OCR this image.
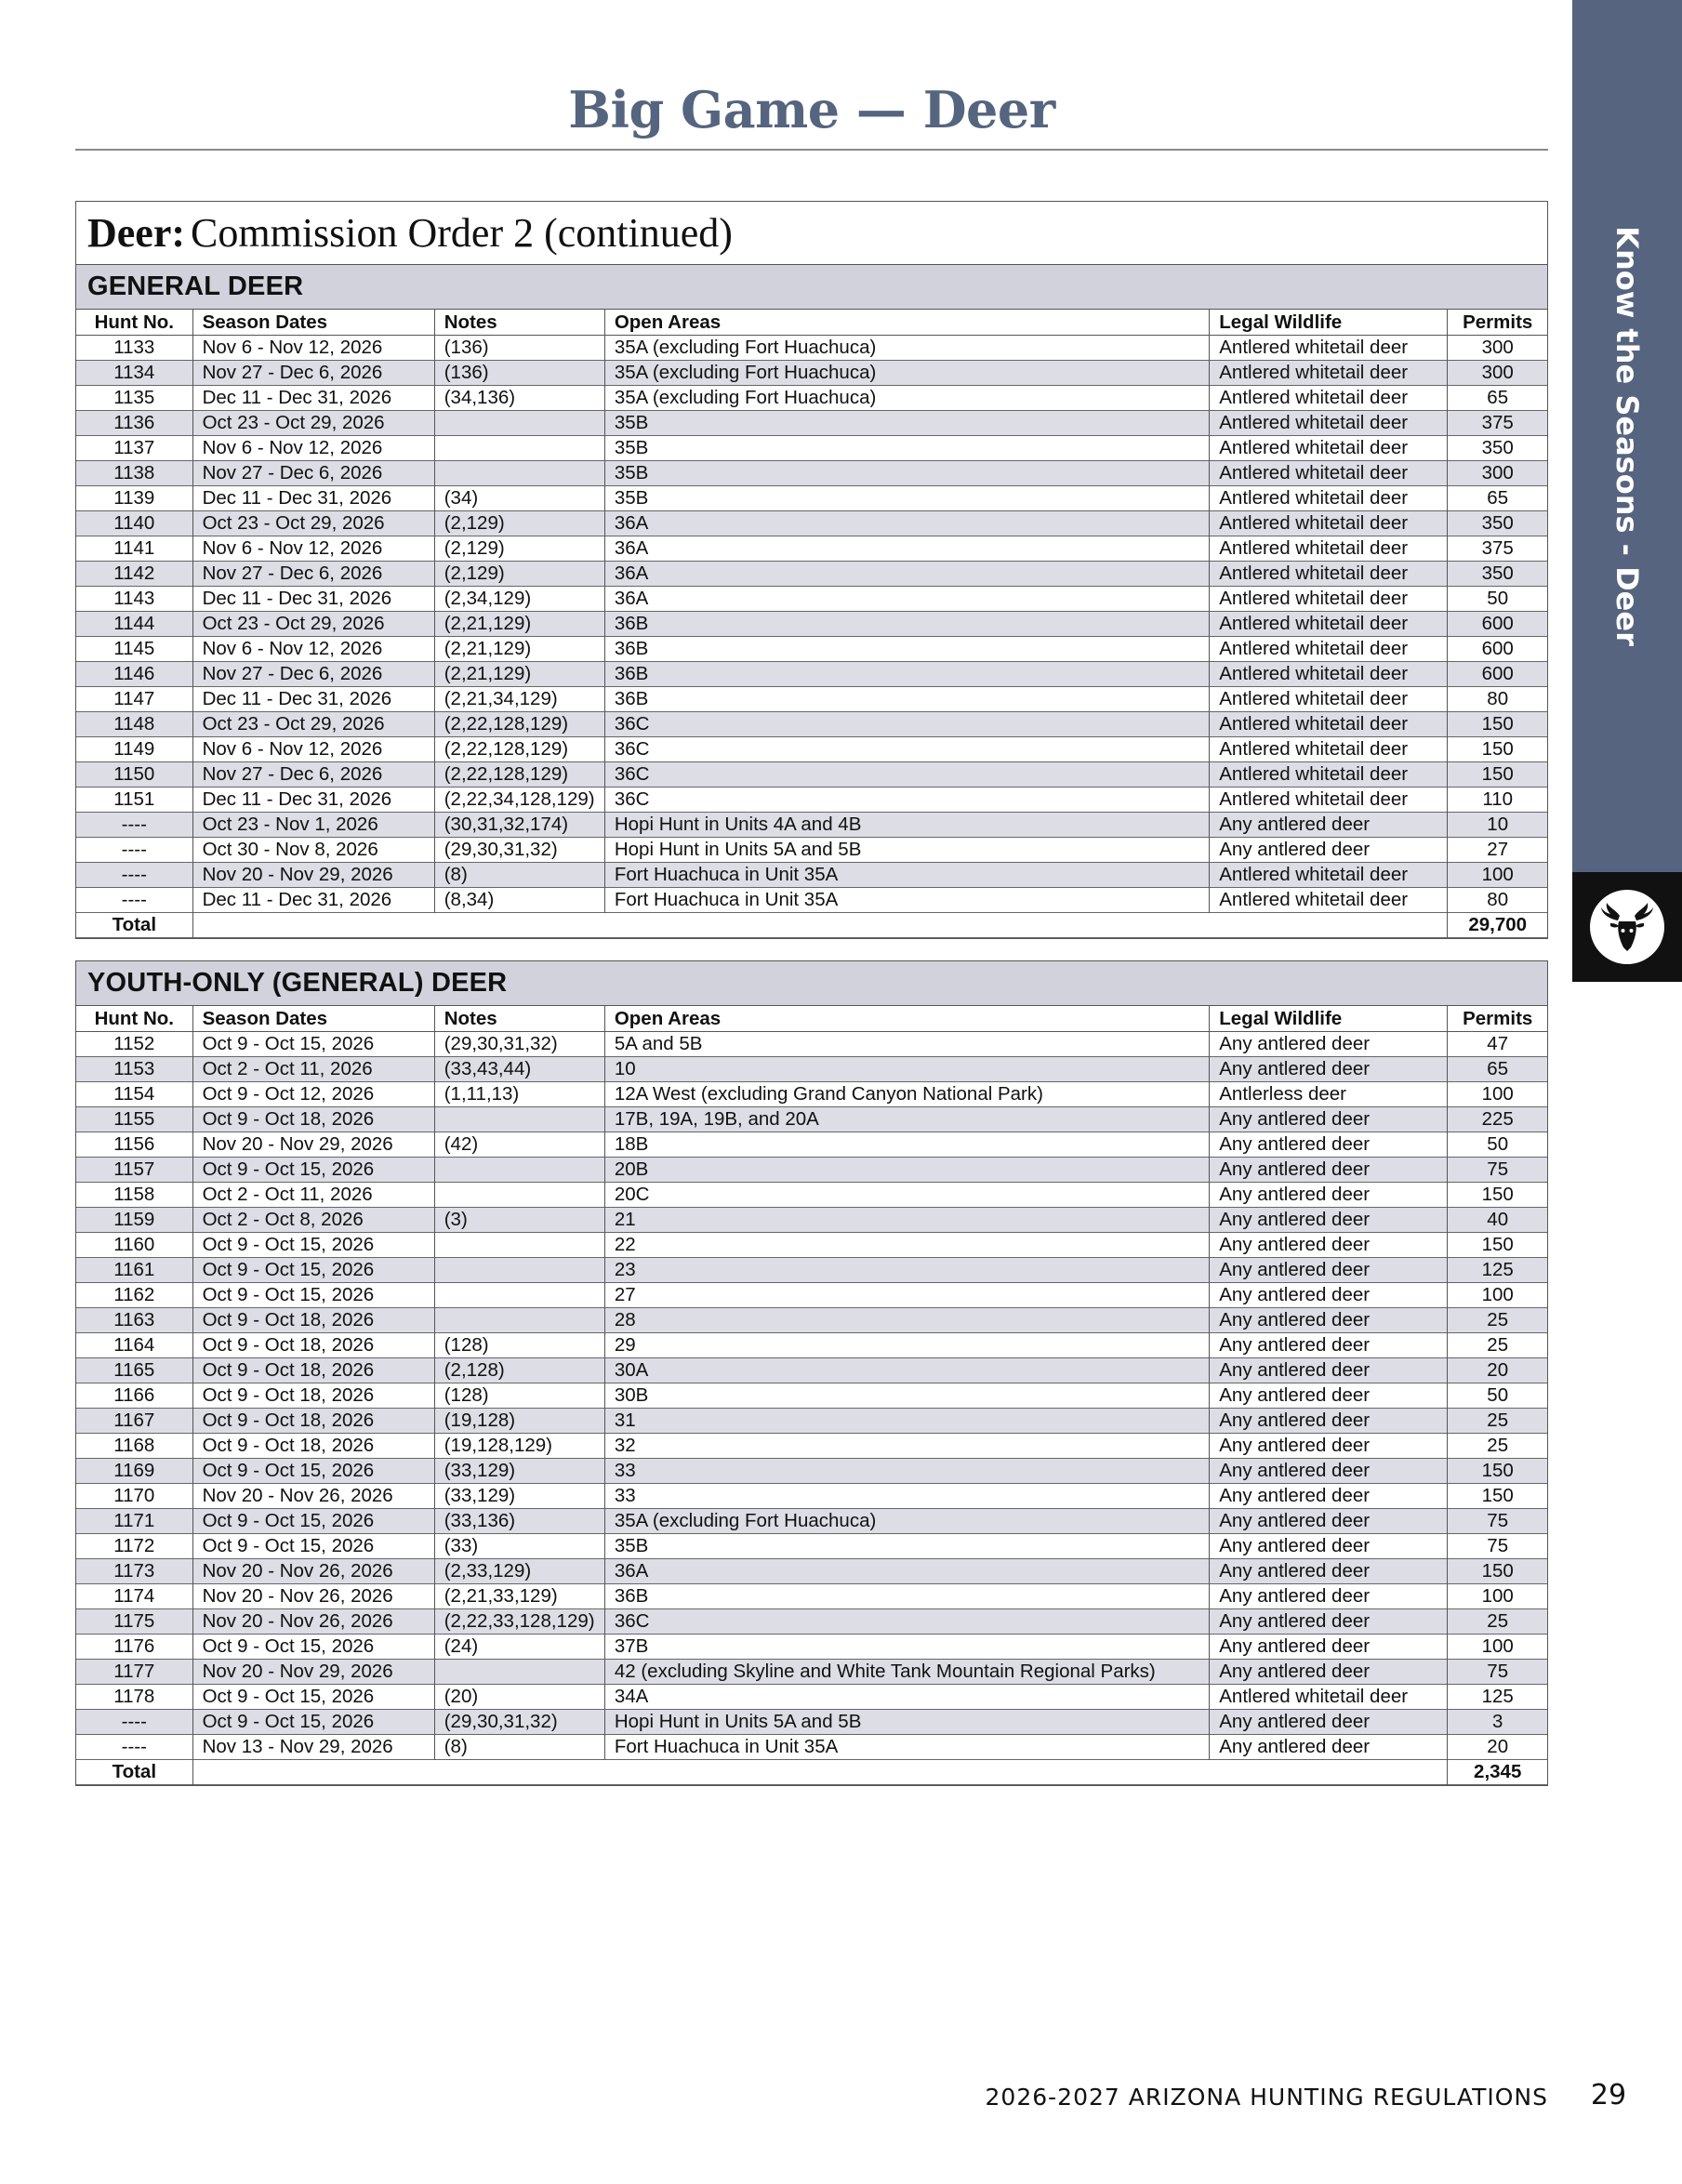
Big Game — Deer
Know the Seasons - Deer
Deer: Commission Order 2 (continued)
GENERAL DEER
Hunt No.	Season Dates	Notes	Open Areas	Legal Wildlife	Permits
1133	Nov 6 - Nov 12, 2026	(136)	35A (excluding Fort Huachuca)	Antlered whitetail deer	300
1134	Nov 27 - Dec 6, 2026	(136)	35A (excluding Fort Huachuca)	Antlered whitetail deer	300
1135	Dec 11 - Dec 31, 2026	(34,136)	35A (excluding Fort Huachuca)	Antlered whitetail deer	65
1136	Oct 23 - Oct 29, 2026		35B	Antlered whitetail deer	375
1137	Nov 6 - Nov 12, 2026		35B	Antlered whitetail deer	350
1138	Nov 27 - Dec 6, 2026		35B	Antlered whitetail deer	300
1139	Dec 11 - Dec 31, 2026	(34)	35B	Antlered whitetail deer	65
1140	Oct 23 - Oct 29, 2026	(2,129)	36A	Antlered whitetail deer	350
1141	Nov 6 - Nov 12, 2026	(2,129)	36A	Antlered whitetail deer	375
1142	Nov 27 - Dec 6, 2026	(2,129)	36A	Antlered whitetail deer	350
1143	Dec 11 - Dec 31, 2026	(2,34,129)	36A	Antlered whitetail deer	50
1144	Oct 23 - Oct 29, 2026	(2,21,129)	36B	Antlered whitetail deer	600
1145	Nov 6 - Nov 12, 2026	(2,21,129)	36B	Antlered whitetail deer	600
1146	Nov 27 - Dec 6, 2026	(2,21,129)	36B	Antlered whitetail deer	600
1147	Dec 11 - Dec 31, 2026	(2,21,34,129)	36B	Antlered whitetail deer	80
1148	Oct 23 - Oct 29, 2026	(2,22,128,129)	36C	Antlered whitetail deer	150
1149	Nov 6 - Nov 12, 2026	(2,22,128,129)	36C	Antlered whitetail deer	150
1150	Nov 27 - Dec 6, 2026	(2,22,128,129)	36C	Antlered whitetail deer	150
1151	Dec 11 - Dec 31, 2026	(2,22,34,128,129)	36C	Antlered whitetail deer	110
----	Oct 23 - Nov 1, 2026	(30,31,32,174)	Hopi Hunt in Units 4A and 4B	Any antlered deer	10
----	Oct 30 - Nov 8, 2026	(29,30,31,32)	Hopi Hunt in Units 5A and 5B	Any antlered deer	27
----	Nov 20 - Nov 29, 2026	(8)	Fort Huachuca in Unit 35A	Antlered whitetail deer	100
----	Dec 11 - Dec 31, 2026	(8,34)	Fort Huachuca in Unit 35A	Antlered whitetail deer	80
Total					29,700
YOUTH-ONLY (GENERAL) DEER
Hunt No.	Season Dates	Notes	Open Areas	Legal Wildlife	Permits
1152	Oct 9 - Oct 15, 2026	(29,30,31,32)	5A and 5B	Any antlered deer	47
1153	Oct 2 - Oct 11, 2026	(33,43,44)	10	Any antlered deer	65
1154	Oct 9 - Oct 12, 2026	(1,11,13)	12A West (excluding Grand Canyon National Park)	Antlerless deer	100
1155	Oct 9 - Oct 18, 2026		17B, 19A, 19B, and 20A	Any antlered deer	225
1156	Nov 20 - Nov 29, 2026	(42)	18B	Any antlered deer	50
1157	Oct 9 - Oct 15, 2026		20B	Any antlered deer	75
1158	Oct 2 - Oct 11, 2026		20C	Any antlered deer	150
1159	Oct 2 - Oct 8, 2026	(3)	21	Any antlered deer	40
1160	Oct 9 - Oct 15, 2026		22	Any antlered deer	150
1161	Oct 9 - Oct 15, 2026		23	Any antlered deer	125
1162	Oct 9 - Oct 15, 2026		27	Any antlered deer	100
1163	Oct 9 - Oct 18, 2026		28	Any antlered deer	25
1164	Oct 9 - Oct 18, 2026	(128)	29	Any antlered deer	25
1165	Oct 9 - Oct 18, 2026	(2,128)	30A	Any antlered deer	20
1166	Oct 9 - Oct 18, 2026	(128)	30B	Any antlered deer	50
1167	Oct 9 - Oct 18, 2026	(19,128)	31	Any antlered deer	25
1168	Oct 9 - Oct 18, 2026	(19,128,129)	32	Any antlered deer	25
1169	Oct 9 - Oct 15, 2026	(33,129)	33	Any antlered deer	150
1170	Nov 20 - Nov 26, 2026	(33,129)	33	Any antlered deer	150
1171	Oct 9 - Oct 15, 2026	(33,136)	35A (excluding Fort Huachuca)	Any antlered deer	75
1172	Oct 9 - Oct 15, 2026	(33)	35B	Any antlered deer	75
1173	Nov 20 - Nov 26, 2026	(2,33,129)	36A	Any antlered deer	150
1174	Nov 20 - Nov 26, 2026	(2,21,33,129)	36B	Any antlered deer	100
1175	Nov 20 - Nov 26, 2026	(2,22,33,128,129)	36C	Any antlered deer	25
1176	Oct 9 - Oct 15, 2026	(24)	37B	Any antlered deer	100
1177	Nov 20 - Nov 29, 2026		42 (excluding Skyline and White Tank Mountain Regional Parks)	Any antlered deer	75
1178	Oct 9 - Oct 15, 2026	(20)	34A	Antlered whitetail deer	125
----	Oct 9 - Oct 15, 2026	(29,30,31,32)	Hopi Hunt in Units 5A and 5B	Any antlered deer	3
----	Nov 13 - Nov 29, 2026	(8)	Fort Huachuca in Unit 35A	Any antlered deer	20
Total					2,345
2026-2027 ARIZONA HUNTING REGULATIONS	29
